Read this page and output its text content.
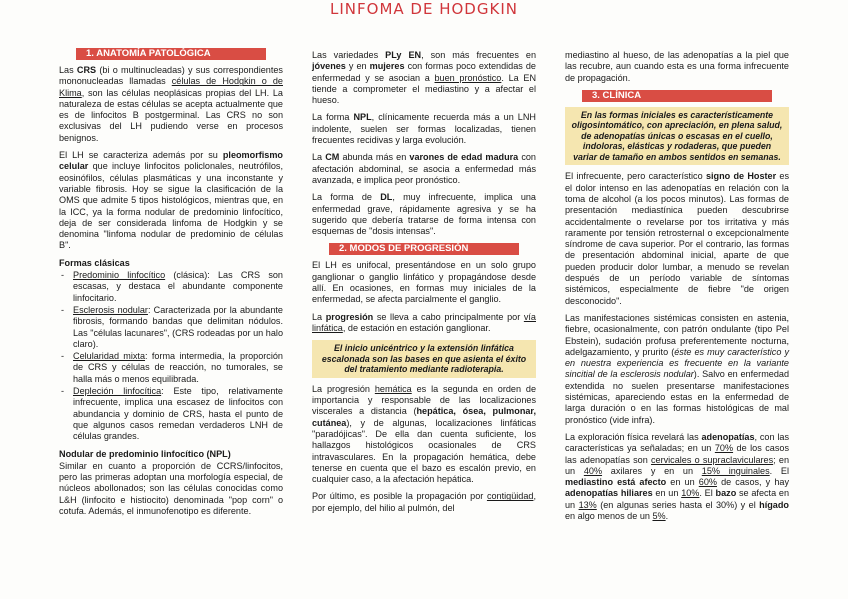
LINFOMA DE HODGKIN
1. ANATOMÍA PATOLÓGICA

Las CRS (bi o multinucleadas) y sus correspondientes mononucleadas llamadas células de Hodgkin o de Klima, son las células neoplásicas propias del LH. La naturaleza de estas células se acepta actualmente que es de linfocitos B postgerminal. Las CRS no son exclusivas del LH pudiendo verse en procesos benignos.

El LH se caracteriza además por su pleomorfismo celular que incluye linfocitos policlonales, neutrófilos, eosinófilos, células plasmáticas y una inconstante y variable fibrosis. Hoy se sigue la clasificación de la OMS que admite 5 tipos histológicos, mientras que, en la ICC, ya la forma nodular de predominio linfocítico, deja de ser considerada linfoma de Hodgkin y se denomina "linfoma nodular de predominio de células B".

Formas clásicas
- Predominio linfocítico (clásica): Las CRS son escasas, y destaca el abundante componente linfocitario.
- Esclerosis nodular: Caracterizada por la abundante fibrosis, formando bandas que delimitan nódulos. Las "células lacunares", (CRS rodeadas por un halo claro).
- Celularidad mixta: forma intermedia, la proporción de CRS y células de reacción, no tumorales, se halla más o menos equilibrada.
- Depleción linfocítica: Este tipo, relativamente infrecuente, implica una escasez de linfocitos con abundancia y dominio de CRS, hasta el punto de que algunos casos remedan verdaderos LNH de células grandes.
Nodular de predominio linfocítico (NPL)

Similar en cuanto a proporción de CCRS/linfocitos, pero las primeras adoptan una morfología especial, de núcleos abollonados; son las células conocidas como L&H (linfocito e histiocito) denominada "pop corn" o cotufa. Además, el inmunofenotipo es diferente.

Las variedades PLy EN, son más frecuentes en jóvenes y en mujeres con formas poco extendidas de enfermedad y se asocian a buen pronóstico. La EN tiende a comprometer el mediastino y a afectar el hueso.

La forma NPL, clínicamente recuerda más a un LNH indolente, suelen ser formas localizadas, tienen frecuentes recidivas y larga evolución.

La CM abunda más en varones de edad madura con afectación abdominal, se asocia a enfermedad más avanzada, e implica peor pronóstico.

La forma de DL, muy infrecuente, implica una enfermedad grave, rápidamente agresiva y se ha sugerido que debería tratarse de forma intensa con esquemas de "dosis intensas".

2. MODOS DE PROGRESIÓN

El LH es unifocal, presentándose en un solo grupo ganglionar o ganglio linfático y propagándose desde allí. En ocasiones, en formas muy iniciales de la enfermedad, se afecta parcialmente el ganglio.

La progresión se lleva a cabo principalmente por vía linfática, de estación en estación ganglionar.

El inicio unicéntrico y la extensión linfática escalonada son las bases en que asienta el éxito del tratamiento mediante radioterapia.

La progresión hemática es la segunda en orden de importancia y responsable de las localizaciones viscerales a distancia (hepática, ósea, pulmonar, cutánea), y de algunas, localizaciones linfáticas "paradójicas". De ella dan cuenta suficiente, los hallazgos histológicos ocasionales de CRS intravasculares. En la propagación hemática, debe tenerse en cuenta que el bazo es escalón previo, en cualquier caso, a la afectación hepática.

Por último, es posible la propagación por contigüidad, por ejemplo, del hilio al pulmón, del

mediastino al hueso, de las adenopatías a la piel que las recubre, aun cuando esta es una forma infrecuente de propagación.

3. CLÍNICA
En las formas iniciales es característicamente oligosintomático, con apreciación, en plena salud, de adenopatías únicas o escasas en el cuello, indoloras, elásticas y rodaderas, que pueden variar de tamaño en ambos sentidos en semanas.

El infrecuente, pero característico signo de Hoster es el dolor intenso en las adenopatías en relación con la toma de alcohol (a los pocos minutos). Las formas de presentación mediastínica pueden descubrirse accidentalmente o revelarse por tos irritativa y más raramente por tensión retrosternal o excepcionalmente síndrome de cava superior. Por el contrario, las formas de presentación abdominal inicial, aparte de que pueden producir dolor lumbar, a menudo se revelan después de un período variable de síntomas sistémicos, especialmente de fiebre "de origen desconocido".

Las manifestaciones sistémicas consisten en astenia, fiebre, ocasionalmente, con patrón ondulante (tipo Pel Ebstein), sudación profusa preferentemente nocturna, adelgazamiento, y prurito (éste es muy característico y en nuestra experiencia es frecuente en la variante sincitial de la esclerosis nodular). Salvo en enfermedad extendida no suelen presentarse manifestaciones sistémicas, apareciendo estas en la enfermedad de larga duración o en las formas histológicas de mal pronóstico (vide infra).

La exploración física revelará las adenopatías, con las características ya señaladas; en un 70% de los casos las adenopatías son cervicales o supraclaviculares; en un 40% axilares y en un 15% inguinales. El mediastino está afecto en un 60% de casos, y hay adenopatías hiliares en un 10%. El bazo se afecta en un 13% (en algunas series hasta el 30%) y el hígado en algo menos de un 5%.
